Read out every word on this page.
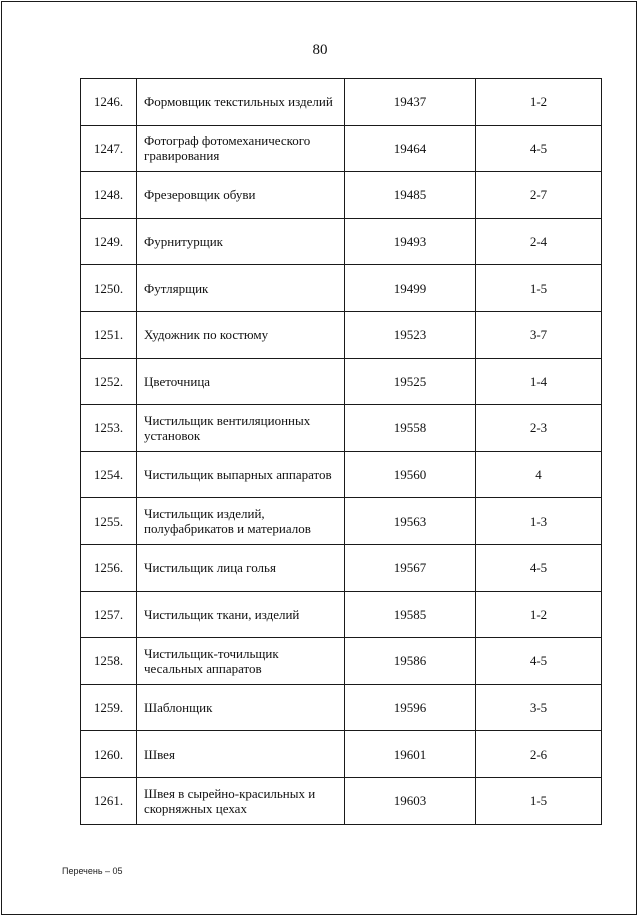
80
1246.	Формовщик текстильных изделий	19437	1-2
1247.	Фотограф фотомеханического гравирования	19464	4-5
1248.	Фрезеровщик обуви	19485	2-7
1249.	Фурнитурщик	19493	2-4
1250.	Футлярщик	19499	1-5
1251.	Художник по костюму	19523	3-7
1252.	Цветочница	19525	1-4
1253.	Чистильщик вентиляционных установок	19558	2-3
1254.	Чистильщик выпарных аппаратов	19560	4
1255.	Чистильщик изделий, полуфабрикатов и материалов	19563	1-3
1256.	Чистильщик лица голья	19567	4-5
1257.	Чистильщик ткани, изделий	19585	1-2
1258.	Чистильщик-точильщик чесальных аппаратов	19586	4-5
1259.	Шаблонщик	19596	3-5
1260.	Швея	19601	2-6
1261.	Швея в сырейно-красильных и скорняжных цехах	19603	1-5
Перечень – 05
